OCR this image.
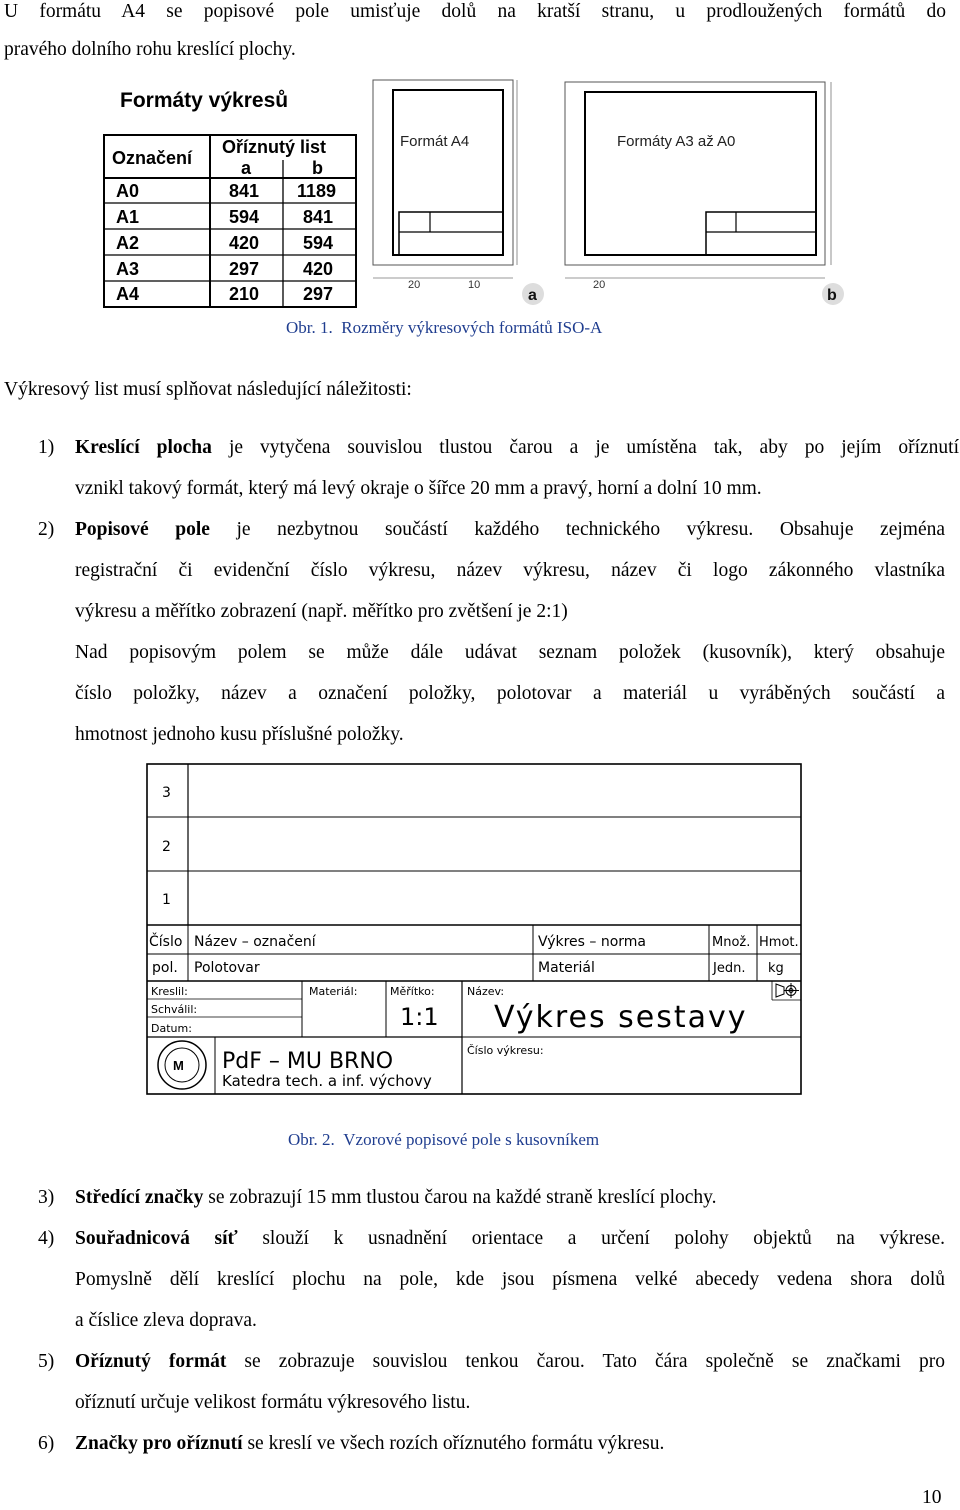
U formátu A4 se popisové pole umisťuje dolů na kratší stranu, u prodloužených formátů do
pravého dolního rohu kreslící plochy.
Formáty výkresů
Označení
Oříznutý list
a	b
A0	841 1189
A1	594 841
A2	420 594
A3	297 420
A4	210 297
Formát A4
20	10
a
Formáty A3 až A0
20
b
Obr. 1. Rozměry výkresových formátů ISO-A
Výkresový list musí splňovat následující náležitosti:
1) Kreslící plocha je vytyčena souvislou tlustou čarou a je umístěna tak, aby po jejím oříznutí
vznikl takový formát, který má levý okraje o šířce 20 mm a pravý, horní a dolní 10 mm.
2) Popisové pole je nezbytnou součástí každého technického výkresu. Obsahuje zejména
registrační či evidenční číslo výkresu, název výkresu, název či logo zákonného vlastníka
výkresu a měřítko zobrazení (např. měřítko pro zvětšení je 2:1)
Nad popisovým polem se může dále udávat seznam položek (kusovník), který obsahuje
číslo položky, název a označení položky, polotovar a materiál u vyráběných součástí a
hmotnost jednoho kusu příslušné položky.
M
3
2
1
Číslo Název – označení	Výkres – norma	Množ. Hmot.
pol. Polotovar	Materiál	Jedn. kg
Kreslil:
Schválil:
Datum:
Materiál:	Měřítko:
1:1
Název:
Výkres sestavy
Číslo výkresu:
PdF – MU BRNO
Katedra tech. a inf. výchovy
Obr. 2. Vzorové popisové pole s kusovníkem
3) Středící značky se zobrazují 15 mm tlustou čarou na každé straně kreslící plochy.
4) Souřadnicová síť slouží k usnadnění orientace a určení polohy objektů na výkrese.
Pomyslně dělí kreslící plochu na pole, kde jsou písmena velké abecedy vedena shora dolů
a číslice zleva doprava.
5) Oříznutý formát se zobrazuje souvislou tenkou čarou. Tato čára společně se značkami pro
oříznutí určuje velikost formátu výkresového listu.
6) Značky pro oříznutí se kreslí ve všech rozích oříznutého formátu výkresu.
10
